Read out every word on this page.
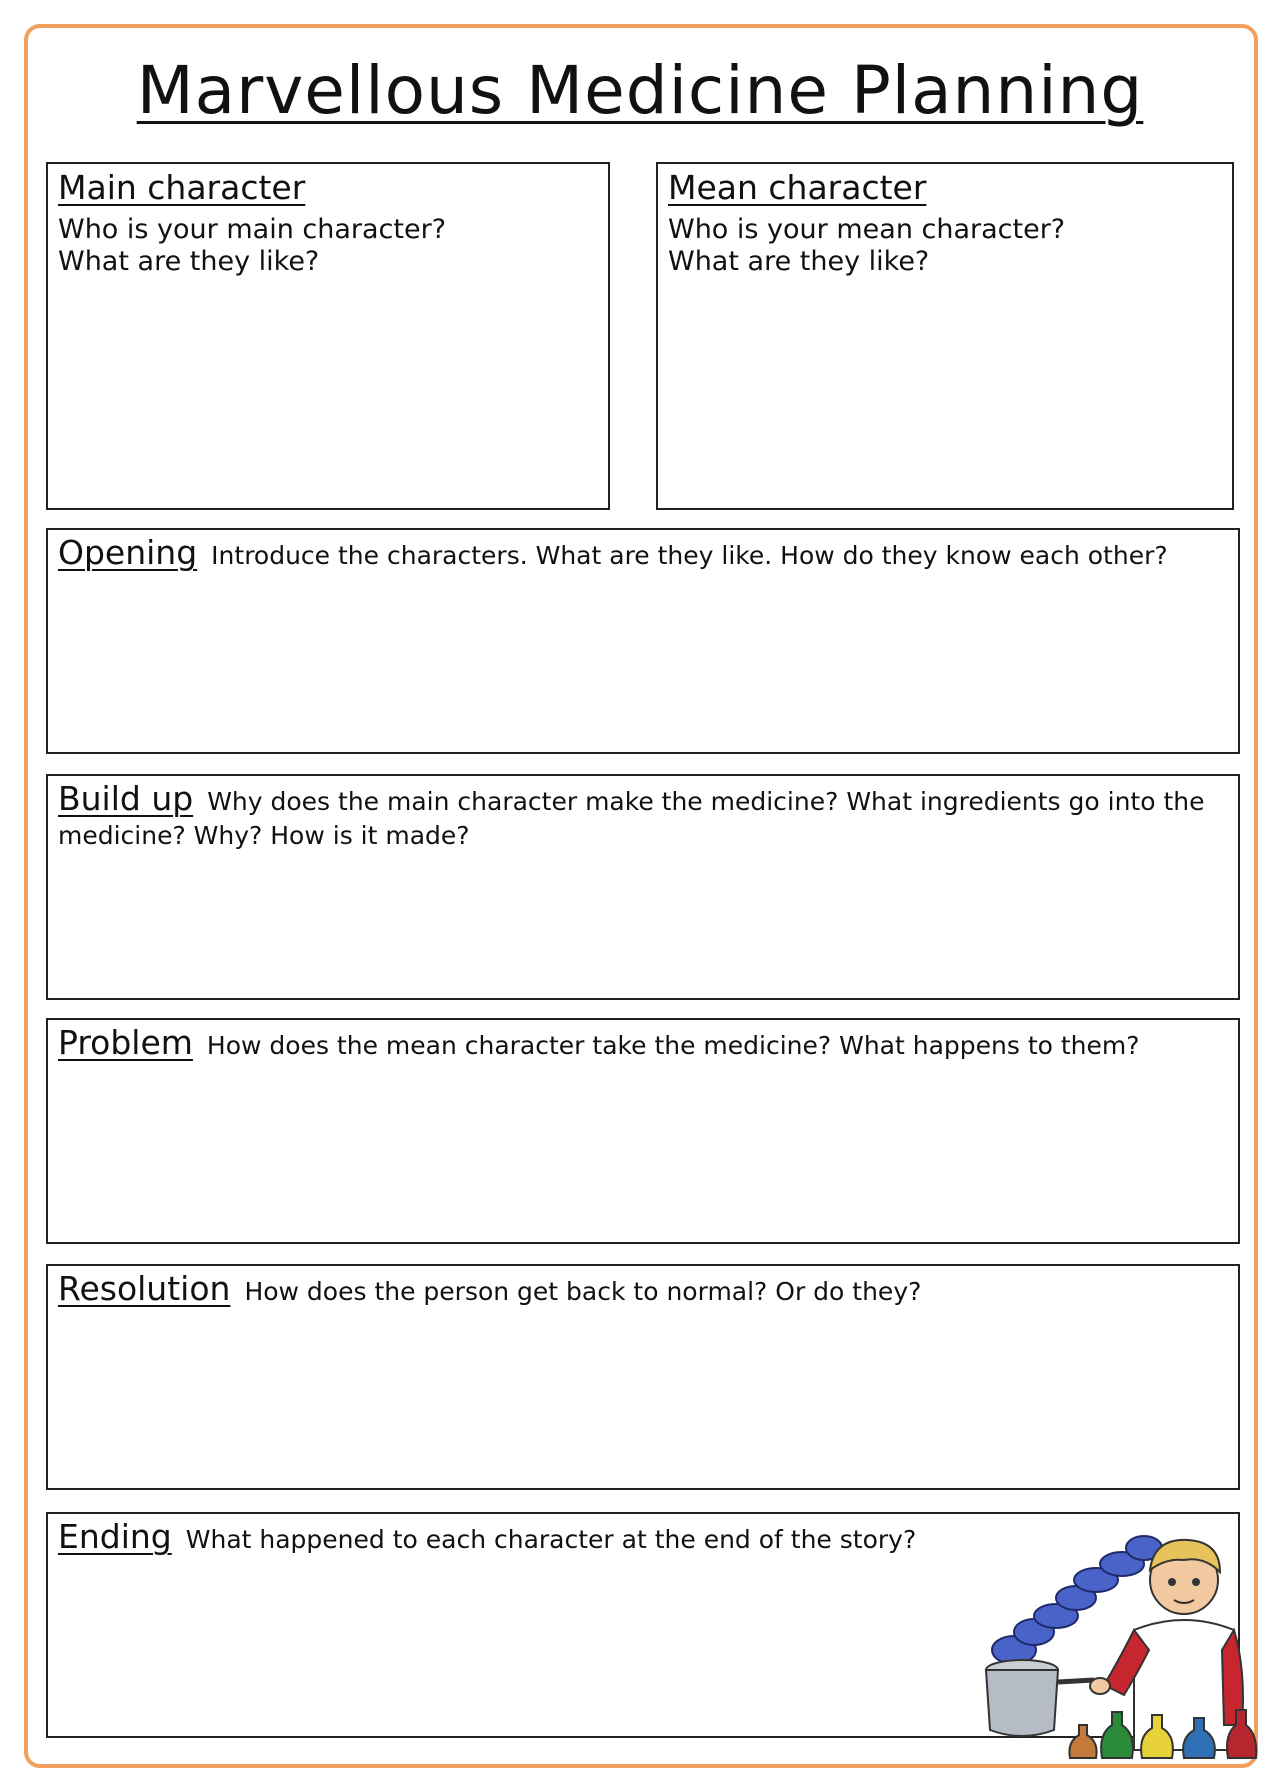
Marvellous Medicine Planning
Main character
Who is your main character?
What are they like?
Mean character
Who is your mean character?
What are they like?
Opening Introduce the characters. What are they like. How do they know each other?
Build up Why does the main character make the medicine? What ingredients go into the medicine? Why? How is it made?
Problem How does the mean character take the medicine? What happens to them?
Resolution How does the person get back to normal? Or do they?
Ending What happened to each character at the end of the story?
